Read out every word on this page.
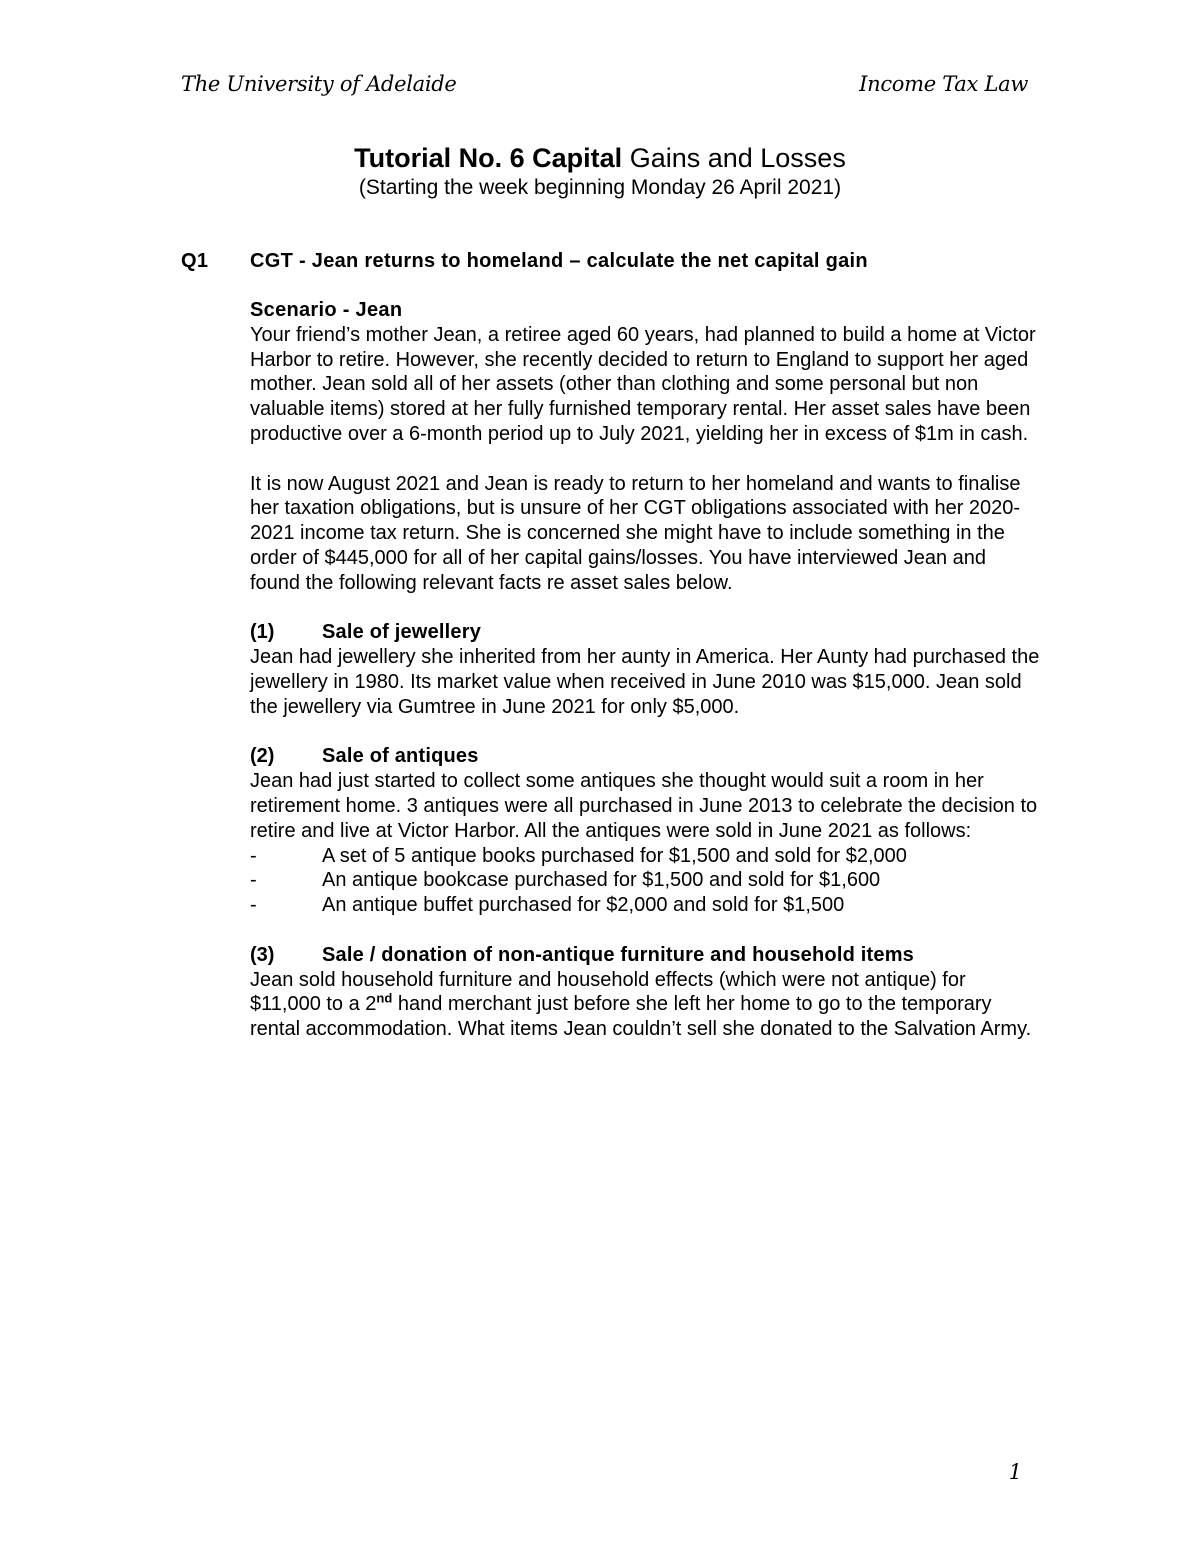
The University of Adelaide	Income Tax Law
Tutorial No. 6 Capital Gains and Losses
(Starting the week beginning Monday 26 April 2021)
Q1 CGT - Jean returns to homeland – calculate the net capital gain

Scenario - Jean

Your friend’s mother Jean, a retiree aged 60 years, had planned to build a home at Victor Harbor to retire. However, she recently decided to return to England to support her aged mother. Jean sold all of her assets (other than clothing and some personal but non valuable items) stored at her fully furnished temporary rental. Her asset sales have been productive over a 6-month period up to July 2021, yielding her in excess of $1m in cash.

It is now August 2021 and Jean is ready to return to her homeland and wants to finalise her taxation obligations, but is unsure of her CGT obligations associated with her 2020-2021 income tax return. She is concerned she might have to include something in the order of $445,000 for all of her capital gains/losses. You have interviewed Jean and found the following relevant facts re asset sales below.

(1) Sale of jewellery

Jean had jewellery she inherited from her aunty in America. Her Aunty had purchased the jewellery in 1980. Its market value when received in June 2010 was $15,000. Jean sold the jewellery via Gumtree in June 2021 for only $5,000.

(2) Sale of antiques

Jean had just started to collect some antiques she thought would suit a room in her retirement home. 3 antiques were all purchased in June 2013 to celebrate the decision to retire and live at Victor Harbor. All the antiques were sold in June 2021 as follows:

-	A set of 5 antique books purchased for $1,500 and sold for $2,000
-	An antique bookcase purchased for $1,500 and sold for $1,600
-	An antique buffet purchased for $2,000 and sold for $1,500
(3) Sale / donation of non-antique furniture and household items

Jean sold household furniture and household effects (which were not antique) for $11,000 to a 2nd hand merchant just before she left her home to go to the temporary rental accommodation. What items Jean couldn’t sell she donated to the Salvation Army.

1
